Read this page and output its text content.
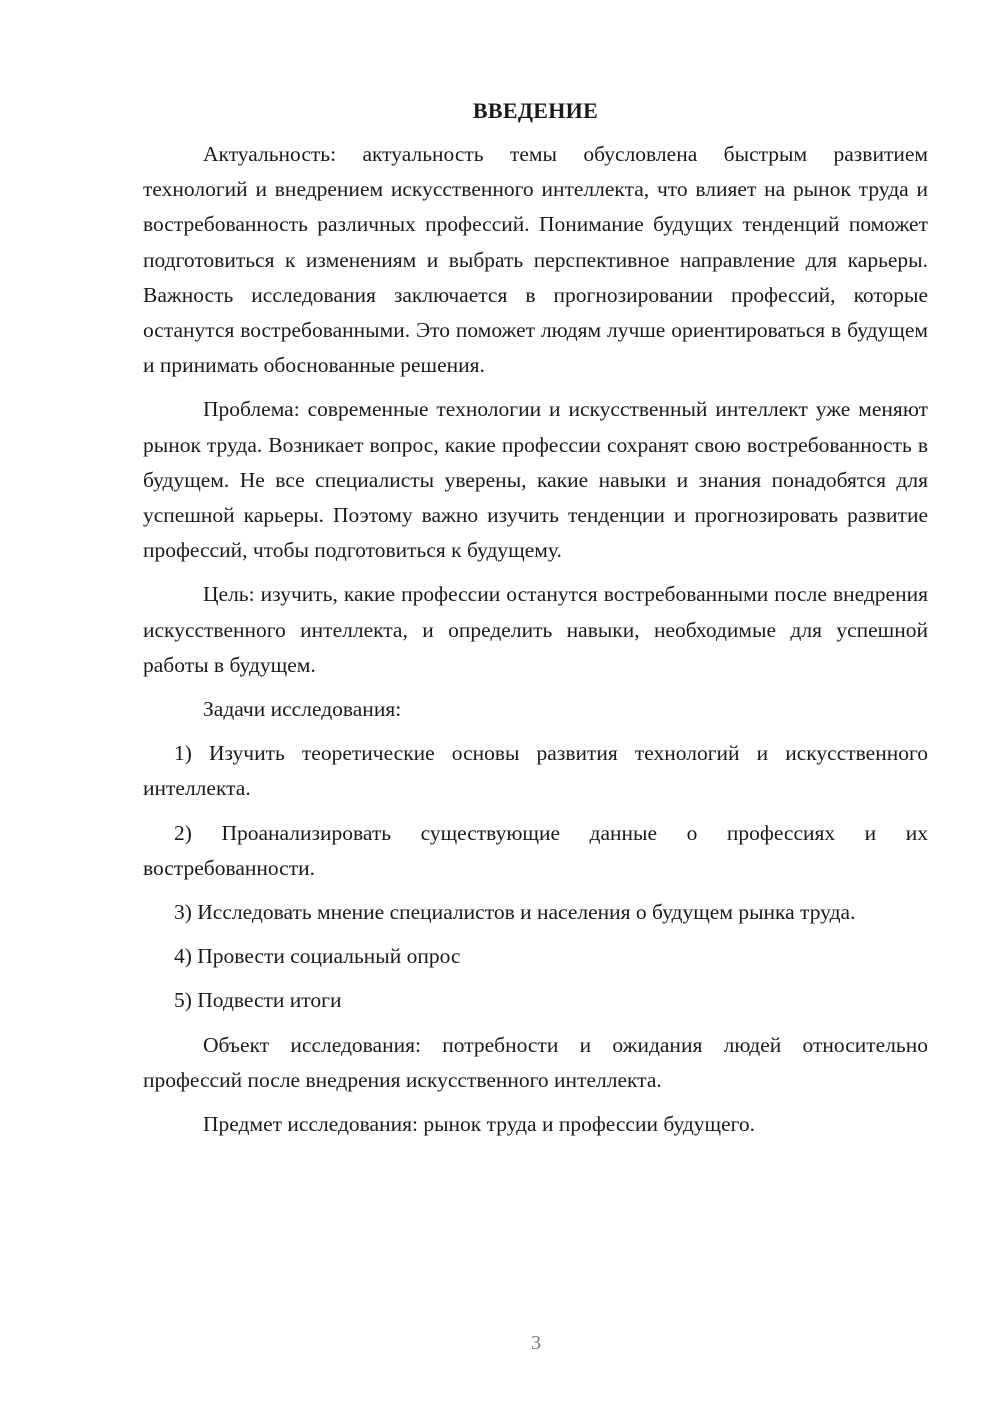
ВВЕДЕНИЕ

Актуальность: актуальность темы обусловлена быстрым развитием технологий и внедрением искусственного интеллекта, что влияет на рынок труда и востребованность различных профессий. Понимание будущих тенденций поможет подготовиться к изменениям и выбрать перспективное направление для карьеры. Важность исследования заключается в прогнозировании профессий, которые останутся востребованными. Это поможет людям лучше ориентироваться в будущем и принимать обоснованные решения.

Проблема: современные технологии и искусственный интеллект уже меняют рынок труда. Возникает вопрос, какие профессии сохранят свою востребованность в будущем. Не все специалисты уверены, какие навыки и знания понадобятся для успешной карьеры. Поэтому важно изучить тенденции и прогнозировать развитие профессий, чтобы подготовиться к будущему.

Цель: изучить, какие профессии останутся востребованными после внедрения искусственного интеллекта, и определить навыки, необходимые для успешной работы в будущем.

Задачи исследования:

1) Изучить теоретические основы развития технологий и искусственного интеллекта.

2) Проанализировать существующие данные о профессиях и их востребованности.

3) Исследовать мнение специалистов и населения о будущем рынка труда.

4) Провести социальный опрос

5) Подвести итоги

Объект исследования: потребности и ожидания людей относительно профессий после внедрения искусственного интеллекта.

Предмет исследования: рынок труда и профессии будущего.

3
